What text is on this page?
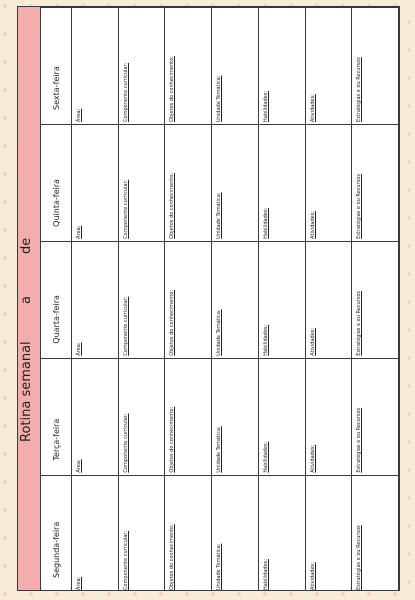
Rotina semanal
a
de
Segunda-feira	Terça-feira	Quarta-feira	Quinta-feira	Sexta-feira

Área:	Área:	Área:	Área:	Área:

Componente curricular:	Componente curricular:	Componente curricular:	Componente curricular:	Componente curricular:

Objetos do conhecimento:	Objetos do conhecimento:	Objetos do conhecimento:	Objetos do conhecimento:	Objetos do conhecimento:

Unidade Temática:	Unidade Temática:	Unidade Temática:	Unidade Temática:	Unidade Temática:

Habilidades:	Habilidades:	Habilidades:	Habilidades:	Habilidades:

Atividades:	Atividades:	Atividades:	Atividades:	Atividades:

Estratégias e ou Recursos	Estratégias e ou Recursos	Estratégias e ou Recursos	Estratégias e ou Recursos	Estratégias e ou Recursos
